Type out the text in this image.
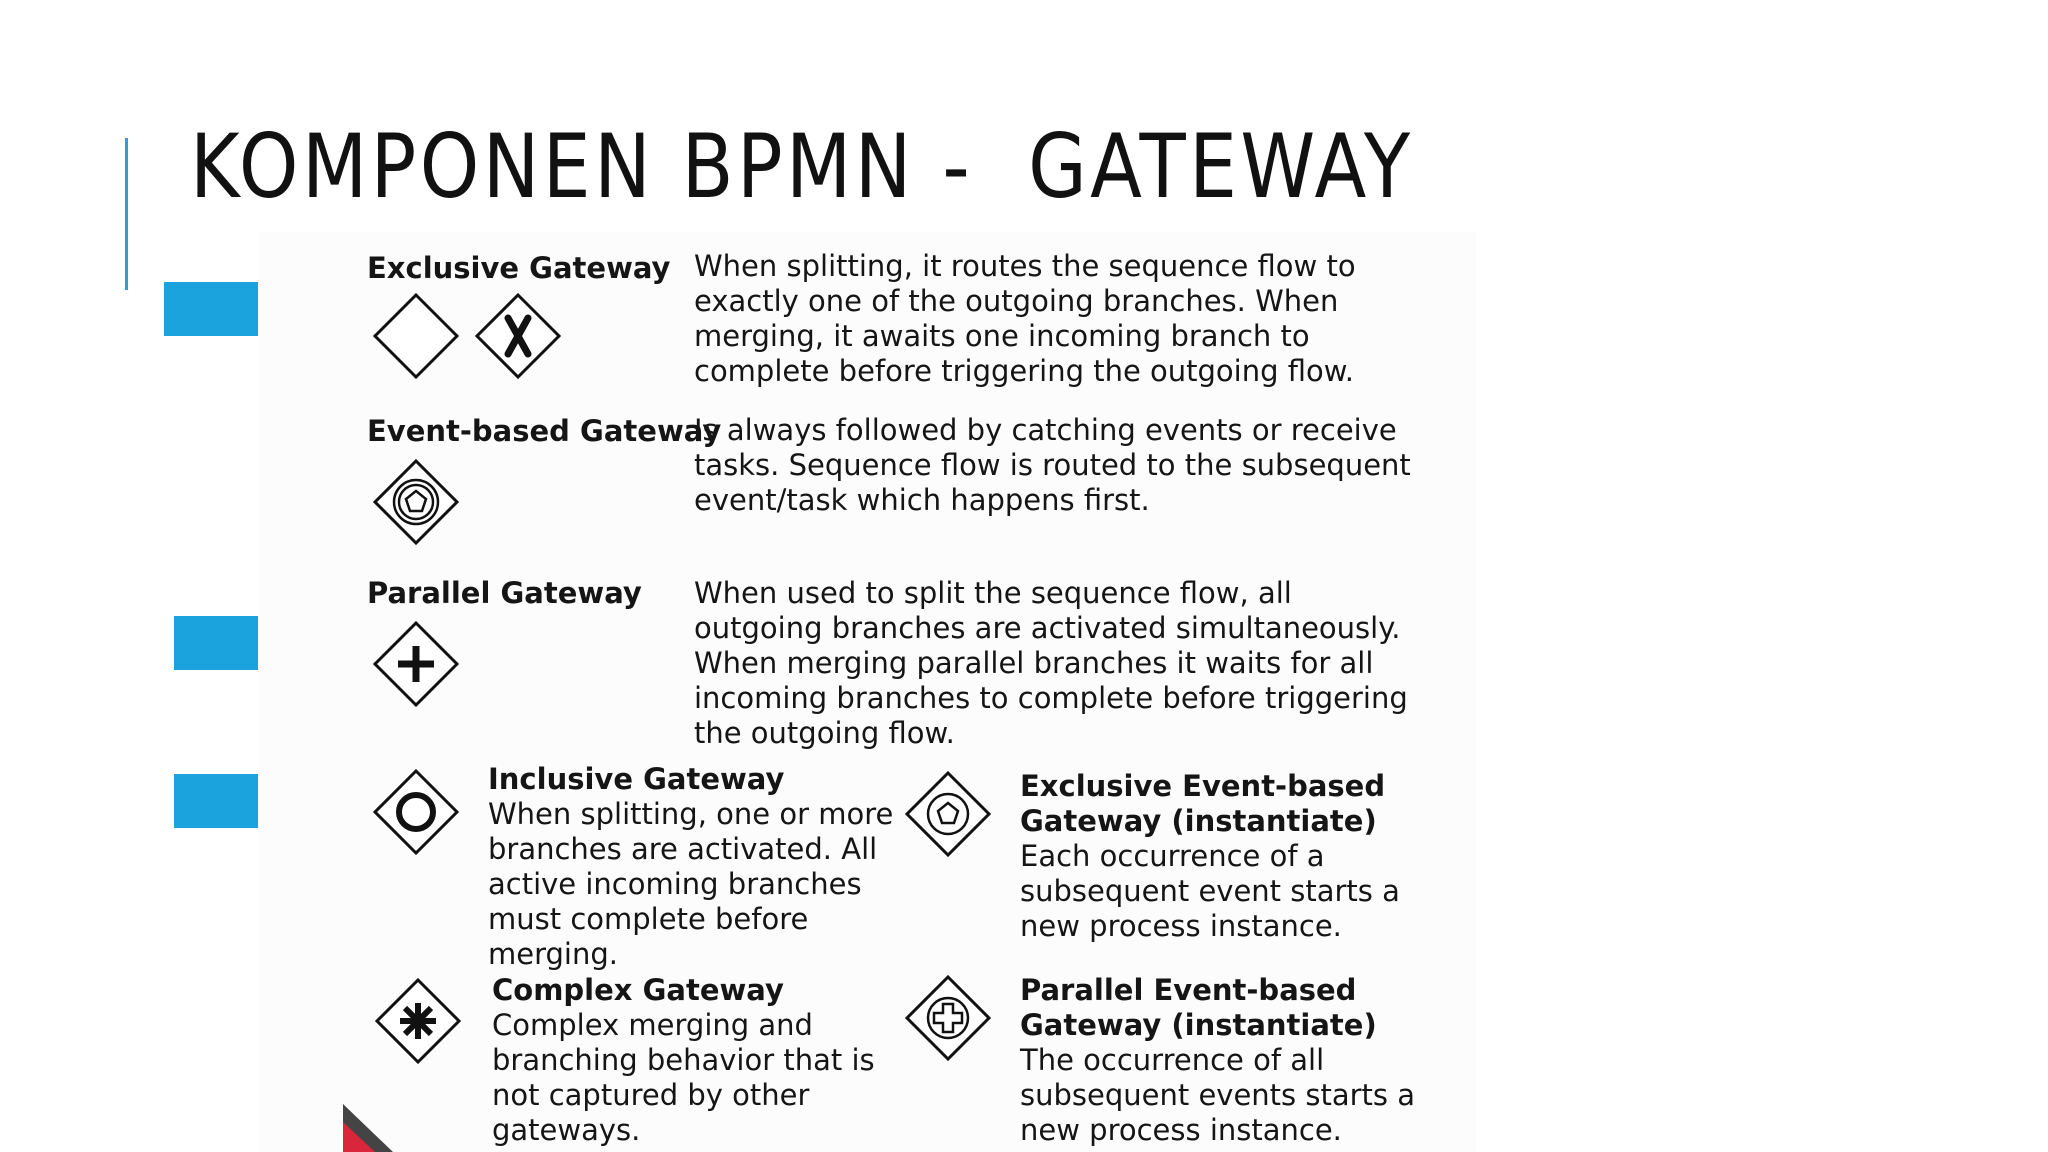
KOMPONEN BPMN -  GATEWAY
Exclusive Gateway When splitting, it routes the sequence flow to exactly one of the outgoing branches. When merging, it awaits one incoming branch to complete before triggering the outgoing flow.
Event-based Gateway
Is always followed by catching events or receive tasks. Sequence flow is routed to the subsequent event/task which happens first.
Parallel Gateway When used to split the sequence flow, all outgoing branches are activated simultaneously. When merging parallel branches it waits for all incoming branches to complete before triggering the outgoing flow.
Inclusive Gateway
When splitting, one or more branches are activated. All active incoming branches must complete before merging.
Exclusive Event-based Gateway (instantiate)
Each occurrence of a subsequent event starts a new process instance.
Complex Gateway
Complex merging and branching behavior that is not captured by other gateways.
Parallel Event-based Gateway (instantiate)
The occurrence of all subsequent events starts a new process instance.
